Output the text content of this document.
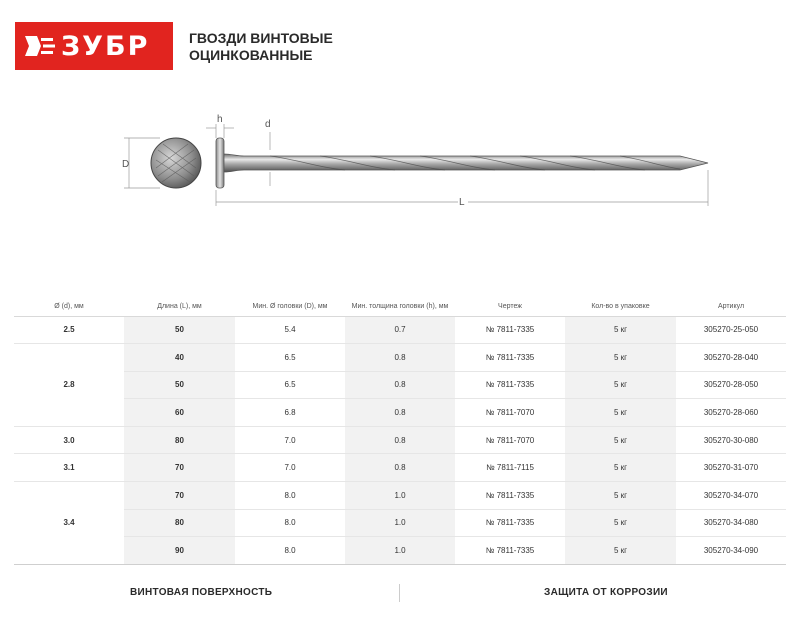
ЗУБР	ГВОЗДИ ВИНТОВЫЕ
ОЦИНКОВАННЫЕ
D
h	d
L
Ø (d), мм	Длина (L), мм	Мин. Ø головки (D), мм	Мин. толщина головки (h), мм	Чертеж	Кол-во в упаковке	Артикул
2.5	50	5.4	0.7	№ 7811-7335	5 кг	305270-25-050
2.8	40	6.5	0.8	№ 7811-7335	5 кг	305270-28-040
	50	6.5	0.8	№ 7811-7335	5 кг	305270-28-050
	60	6.8	0.8	№ 7811-7070	5 кг	305270-28-060
3.0	80	7.0	0.8	№ 7811-7070	5 кг	305270-30-080
3.1	70	7.0	0.8	№ 7811-7115	5 кг	305270-31-070
3.4	70	8.0	1.0	№ 7811-7335	5 кг	305270-34-070
	80	8.0	1.0	№ 7811-7335	5 кг	305270-34-080
	90	8.0	1.0	№ 7811-7335	5 кг	305270-34-090
ВИНТОВАЯ ПОВЕРХНОСТЬ	ЗАЩИТА ОТ КОРРОЗИИ
